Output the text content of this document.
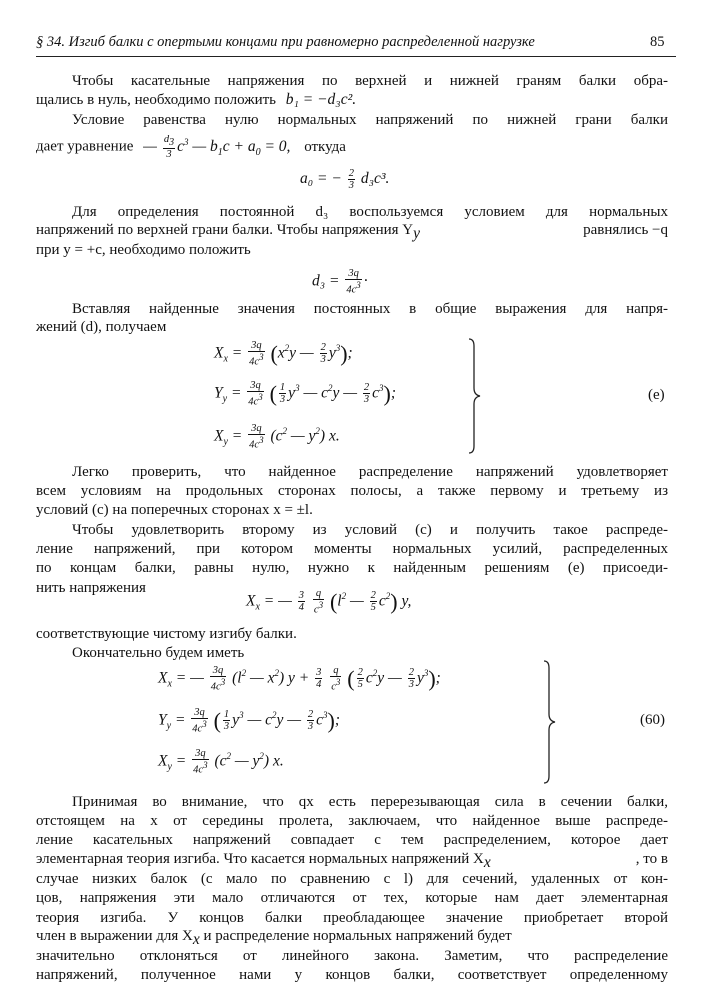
§ 34. Изгиб балки с опертыми концами при равномерно распределенной нагрузке	85
Чтобы касательные напряжения по верхней и нижней граням балки обра-
щались в нуль, необходимо положить b₁ = −d₃c².
Условие равенства нулю нормальных напряжений по нижней грани балки
дает уравнение — $\frac{d_3}{3} c^3$ — $b_1c + a_0 = 0$, откуда
a₀ = − $\frac{2}{3} d_3c^3$.
Для определения постоянной d₃ воспользуемся условием для нормальных
напряжений по верхней грани балки. Чтобы напряжения $Y_y$	равнялись −q
при y = +c, необходимо положить
$d_3 = \frac{3q}{4c^3}$ ·
Вставляя найденные значения постоянных в общие выражения для напря-
жений (d), получаем
$X_x = \frac{3q}{4c^3} (x^2y$ — $\frac{2}{3} y^3$);
$Y_y = \frac{3q}{4c^3}$ ( $\frac{1}{3} y^3$ — $c^2y$ — $\frac{2}{3} c^3$);
$X_y = \frac{3q}{4c^3} (c^2$ — $y^2$) x.
(e)
Легко проверить, что найденное распределение напряжений удовлетворяет
всем условиям на продольных сторонах полосы, а также первому и третьему из
условий (c) на поперечных сторонах x = ±l.
Чтобы удовлетворить второму из условий (c) и получить такое распреде-
ление напряжений, при котором моменты нормальных усилий, распределенных
по концам балки, равны нулю, нужно к найденным решениям (e) присоеди-
нить напряжения
$X_x$ = — $\frac{3}{4}$
$\frac{q}{c^3} (l^2$ — $\frac{2}{5} c^2$) y,
соответствующие чистому изгибу балки.
Окончательно будем иметь
$X_x$ = — $\frac{3q}{4c^3} (l^2$ — $x^2$) $y + \frac{3}{4}$
$\frac{q}{c^3}$ ( $\frac{2}{5} c^2y$ — $\frac{2}{3} y^3$);
$Y_y = \frac{3q}{4c^3}$ ( $\frac{1}{3} y^3$ — $c^2y$ — $\frac{2}{3} c^3$);
$X_y = \frac{3q}{4c^3} (c^2$ — $y^2$) x.
(60)
Принимая во внимание, что qx есть перерезывающая сила в сечении балки,
отстоящем на x от середины пролета, заключаем, что найденное выше распреде-
ление касательных напряжений совпадает с тем распределением, которое дает
элементарная теория изгиба. Что касается нормальных напряжений $X_x$	, то в
случае низких балок (c мало по сравнению с l) для сечений, удаленных от кон-
цов, напряжения эти мало отличаются от тех, которые нам дает элементарная
теория изгиба. У концов балки преобладающее значение приобретает второй
член в выражении для $X_x$ и распределение нормальных напряжений будет
значительно отклоняться от линейного закона. Заметим, что распределение
напряжений, полученное нами у концов балки, соответствует определенному
